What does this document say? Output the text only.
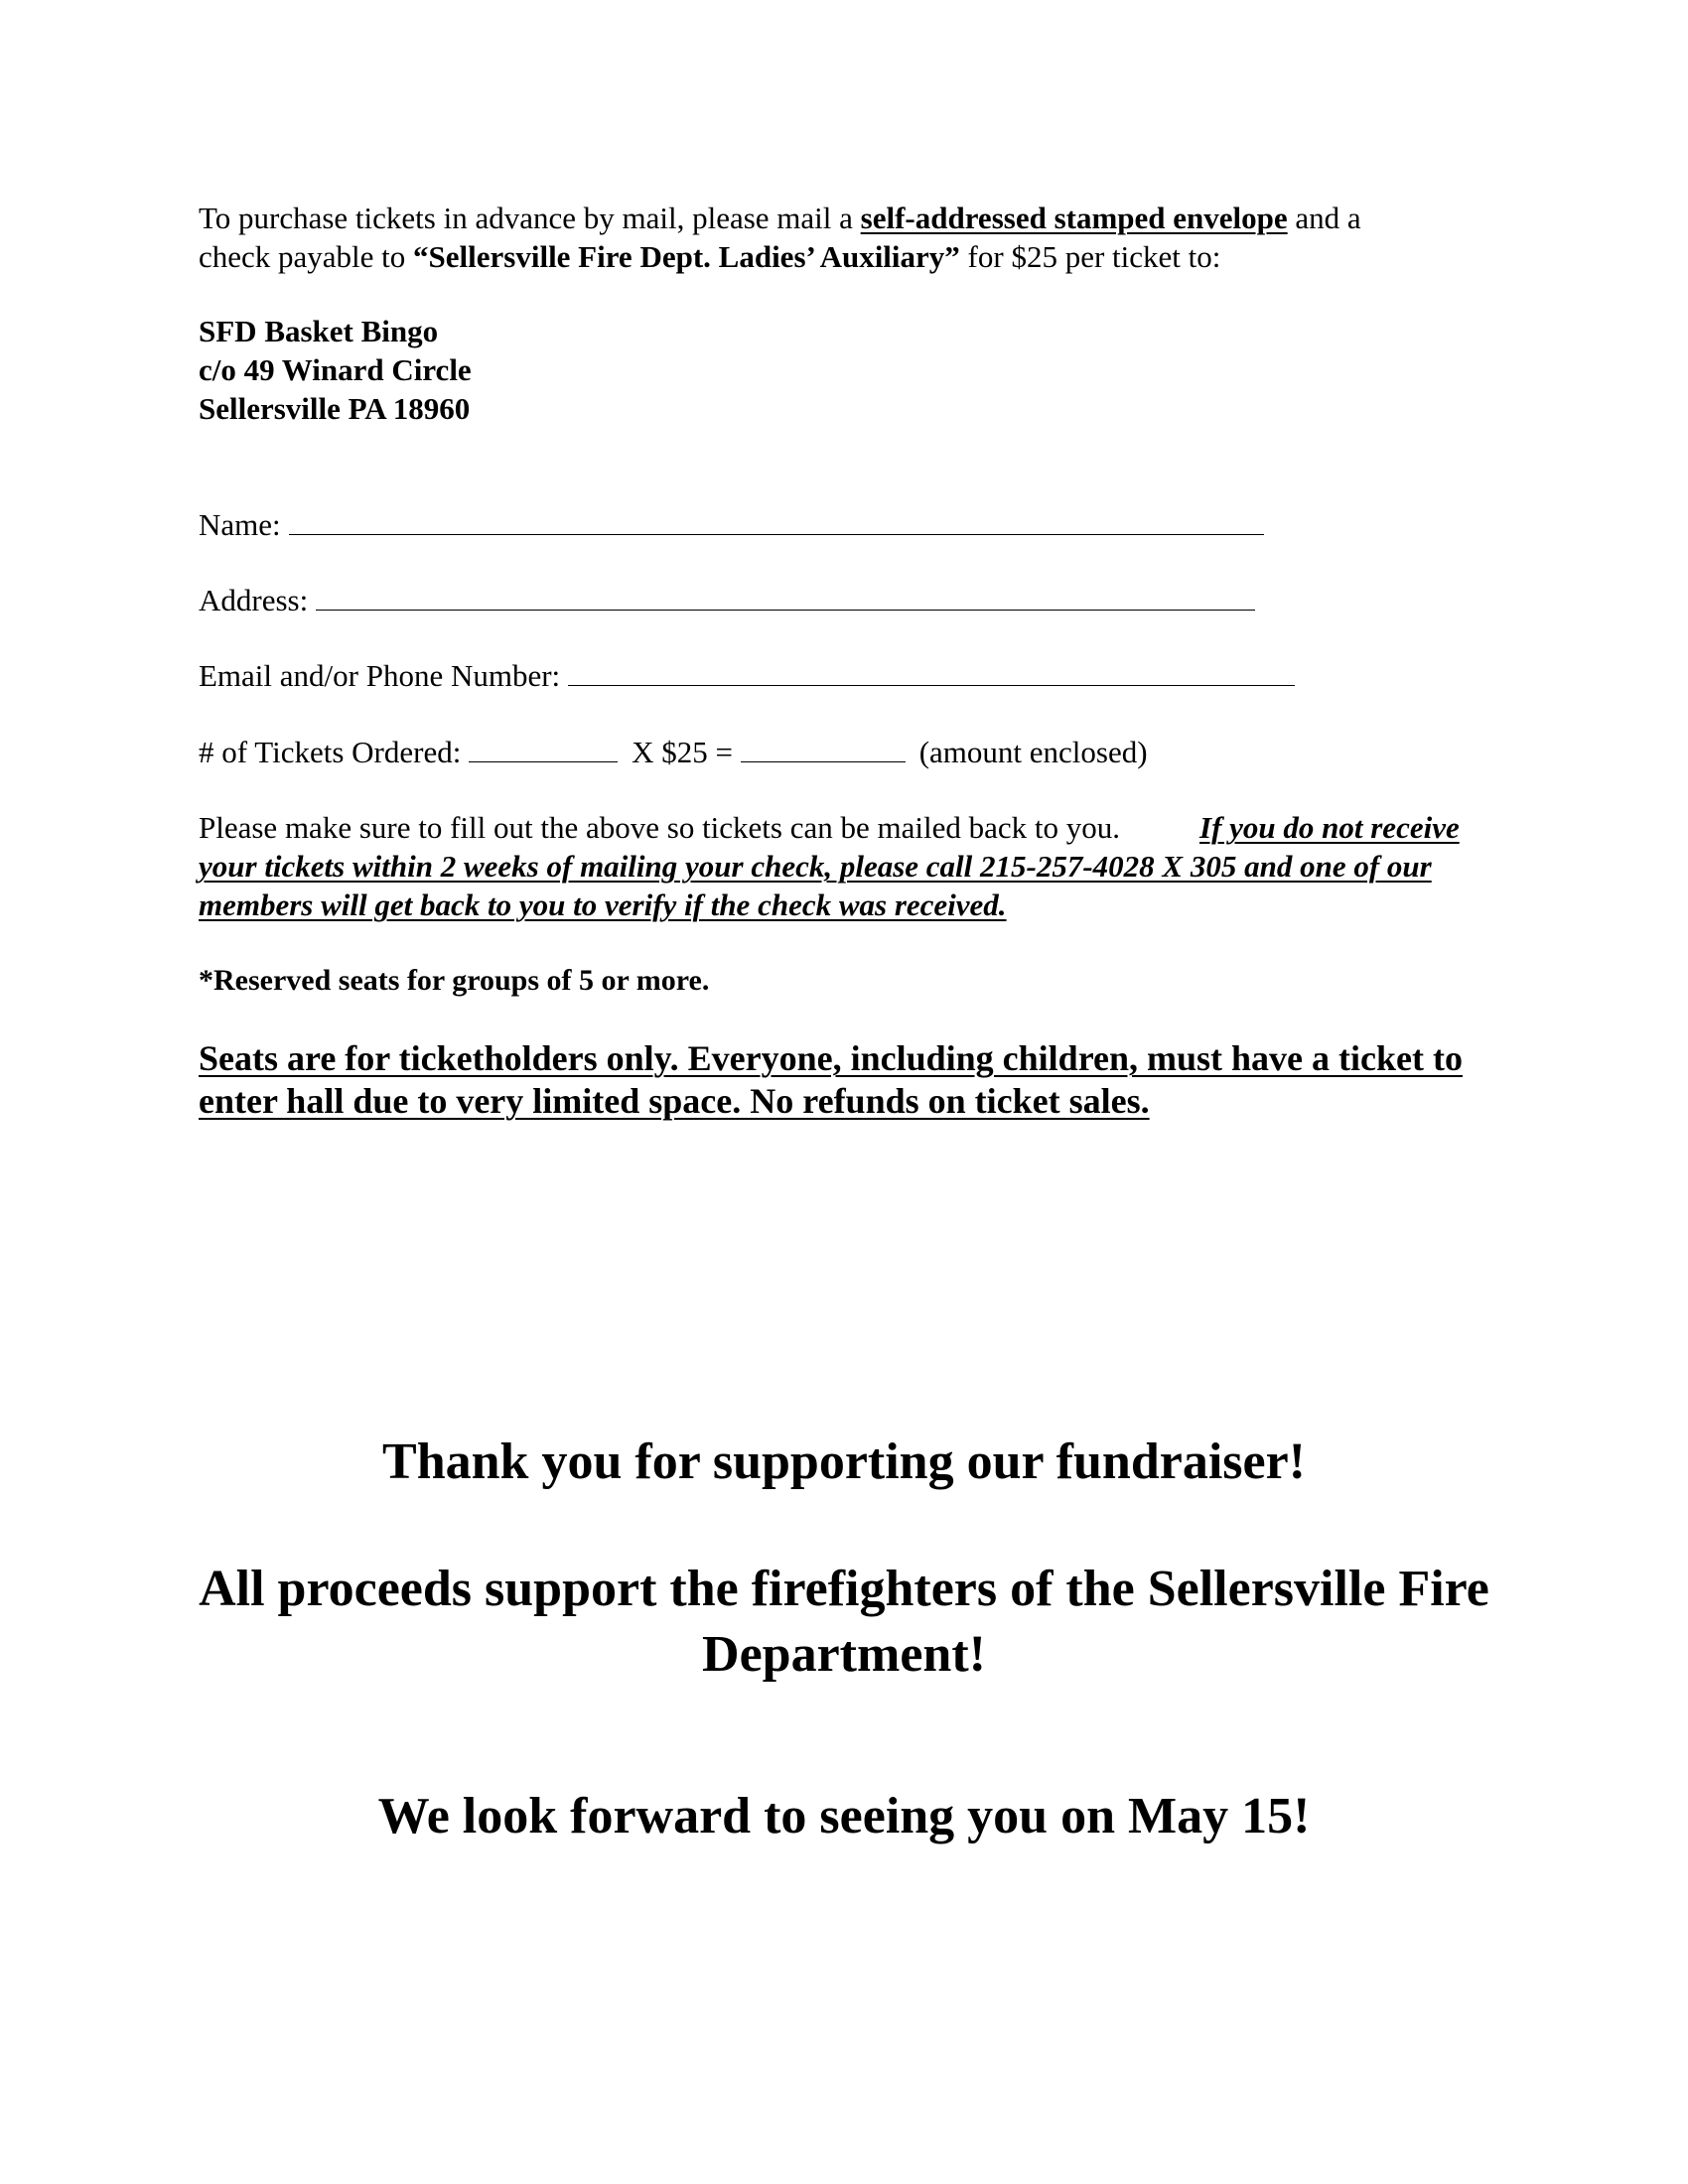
To purchase tickets in advance by mail, please mail a self-addressed stamped envelope and a
check payable to “Sellersville Fire Dept. Ladies’ Auxiliary” for $25 per ticket to:
SFD Basket Bingo
c/o 49 Winard Circle
Sellersville PA 18960
Name:
Address:
Email and/or Phone Number:
# of Tickets Ordered:	X $25 =	(amount enclosed)
Please make sure to fill out the above so tickets can be mailed back to you.	If you do not receive your tickets within 2 weeks of mailing your check, please call 215-257-4028 X 305 and one of our members will get back to you to verify if the check was received.
*Reserved seats for groups of 5 or more.
Seats are for ticketholders only. Everyone, including children, must have a ticket to enter hall due to very limited space. No refunds on ticket sales.
Thank you for supporting our fundraiser!
All proceeds support the firefighters of the Sellersville Fire Department!
We look forward to seeing you on May 15!
